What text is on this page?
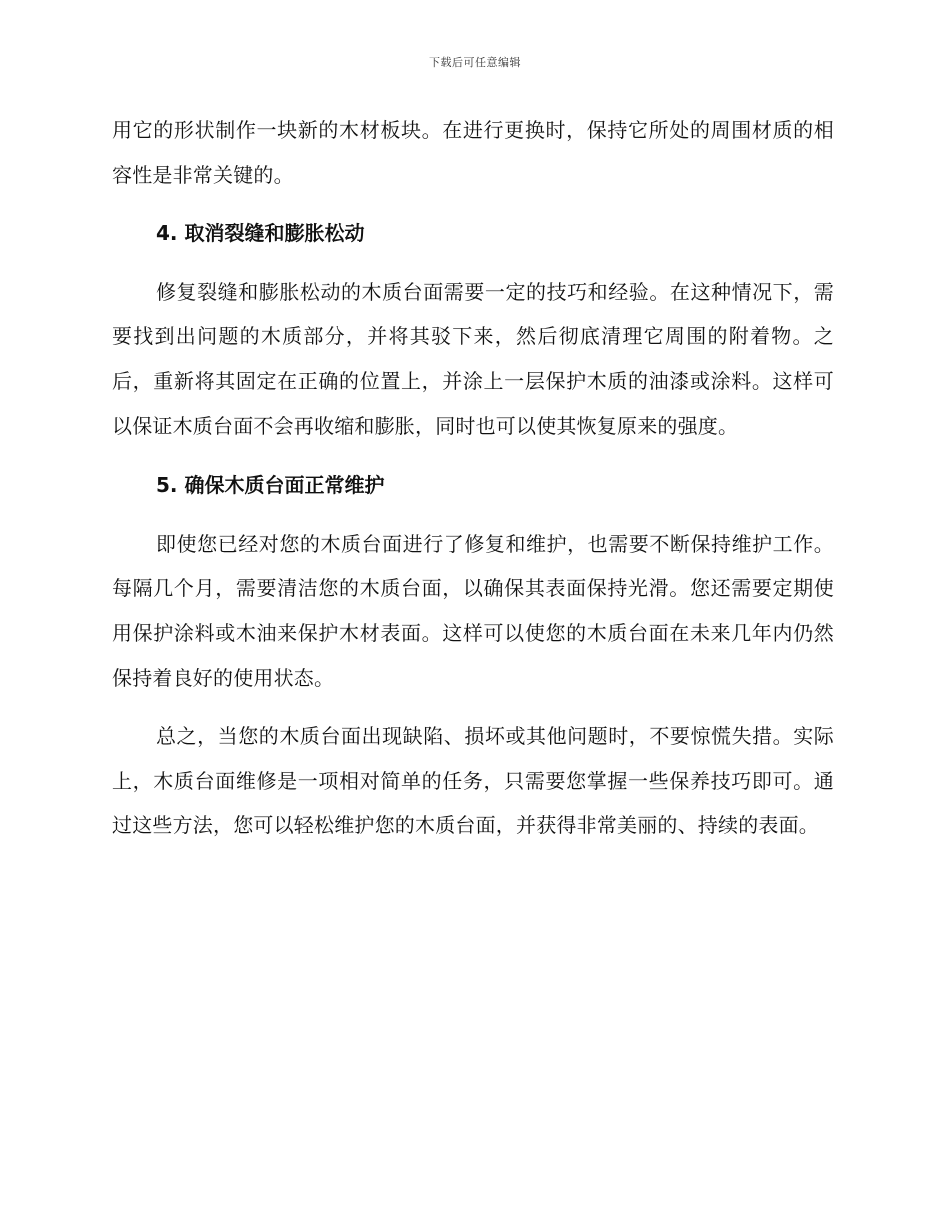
下载后可任意编辑

用它的形状制作一块新的木材板块。在进行更换时，保持它所处的周围材质的相容性是非常关键的。

4. 取消裂缝和膨胀松动

修复裂缝和膨胀松动的木质台面需要一定的技巧和经验。在这种情况下，需要找到出问题的木质部分，并将其驳下来，然后彻底清理它周围的附着物。之后，重新将其固定在正确的位置上，并涂上一层保护木质的油漆或涂料。这样可以保证木质台面不会再收缩和膨胀，同时也可以使其恢复原来的强度。

5. 确保木质台面正常维护

即使您已经对您的木质台面进行了修复和维护，也需要不断保持维护工作。每隔几个月，需要清洁您的木质台面，以确保其表面保持光滑。您还需要定期使用保护涂料或木油来保护木材表面。这样可以使您的木质台面在未来几年内仍然保持着良好的使用状态。

总之，当您的木质台面出现缺陷、损坏或其他问题时，不要惊慌失措。实际上，木质台面维修是一项相对简单的任务，只需要您掌握一些保养技巧即可。通过这些方法，您可以轻松维护您的木质台面，并获得非常美丽的、持续的表面。
